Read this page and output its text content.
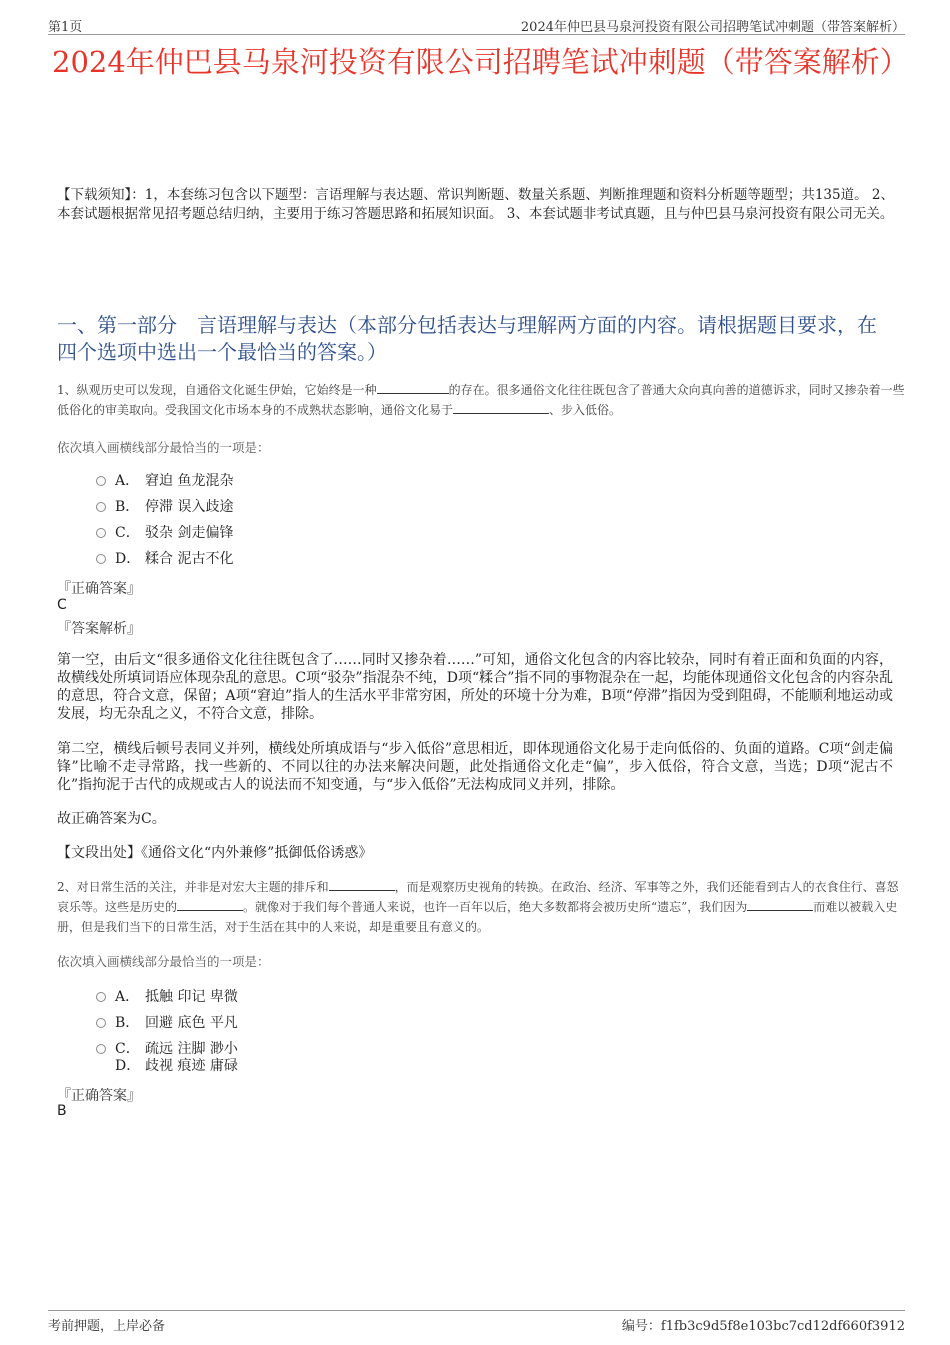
第1页	2024年仲巴县马泉河投资有限公司招聘笔试冲刺题（带答案解析）
2024年仲巴县马泉河投资有限公司招聘笔试冲刺题（带答案解析）
【下载须知】：1，本套练习包含以下题型：言语理解与表达题、常识判断题、数量关系题、判断推理题和资料分析题等题型；共135道。 2、本套试题根据常见招考题总结归纳，主要用于练习答题思路和拓展知识面。 3、本套试题非考试真题，且与仲巴县马泉河投资有限公司无关。
一、第一部分　言语理解与表达（本部分包括表达与理解两方面的内容。请根据题目要求，在四个选项中选出一个最恰当的答案。）
1、纵观历史可以发现，自通俗文化诞生伊始，它始终是一种	的存在。很多通俗文化往往既包含了普通大众向真向善的道德诉求，同时又掺杂着一些低俗化的审美取向。受我国文化市场本身的不成熟状态影响，通俗文化易于	、步入低俗。
依次填入画横线部分最恰当的一项是：
A． 窘迫 鱼龙混杂
B． 停滞 误入歧途
C． 驳杂 剑走偏锋
D． 糅合 泥古不化
『正确答案』
C
『答案解析』
第一空，由后文“很多通俗文化往往既包含了……同时又掺杂着……”可知，通俗文化包含的内容比较杂，同时有着正面和负面的内容，故横线处所填词语应体现杂乱的意思。C项“驳杂”指混杂不纯，D项“糅合”指不同的事物混杂在一起，均能体现通俗文化包含的内容杂乱的意思，符合文意，保留；A项“窘迫”指人的生活水平非常穷困，所处的环境十分为难，B项“停滞”指因为受到阻碍，不能顺利地运动或发展，均无杂乱之义，不符合文意，排除。
第二空，横线后顿号表同义并列，横线处所填成语与“步入低俗”意思相近，即体现通俗文化易于走向低俗的、负面的道路。C项“剑走偏锋”比喻不走寻常路，找一些新的、不同以往的办法来解决问题，此处指通俗文化走“偏”，步入低俗，符合文意，当选；D项“泥古不化”指拘泥于古代的成规或古人的说法而不知变通，与“步入低俗”无法构成同义并列，排除。
故正确答案为C。
【文段出处】《通俗文化“内外兼修”抵御低俗诱惑》
2、对日常生活的关注，并非是对宏大主题的排斥和	，而是观察历史视角的转换。在政治、经济、军事等之外，我们还能看到古人的衣食住行、喜怒哀乐等。这些是历史的	。就像对于我们每个普通人来说，也许一百年以后，绝大多数都将会被历史所“遗忘”，我们因为	而难以被载入史册，但是我们当下的日常生活，对于生活在其中的人来说，却是重要且有意义的。
依次填入画横线部分最恰当的一项是：
A． 抵触 印记 卑微
B． 回避 底色 平凡
C． 疏远 注脚 渺小
D． 歧视 痕迹 庸碌
『正确答案』
B
考前押题，上岸必备	编号：f1fb3c9d5f8e103bc7cd12df660f3912
